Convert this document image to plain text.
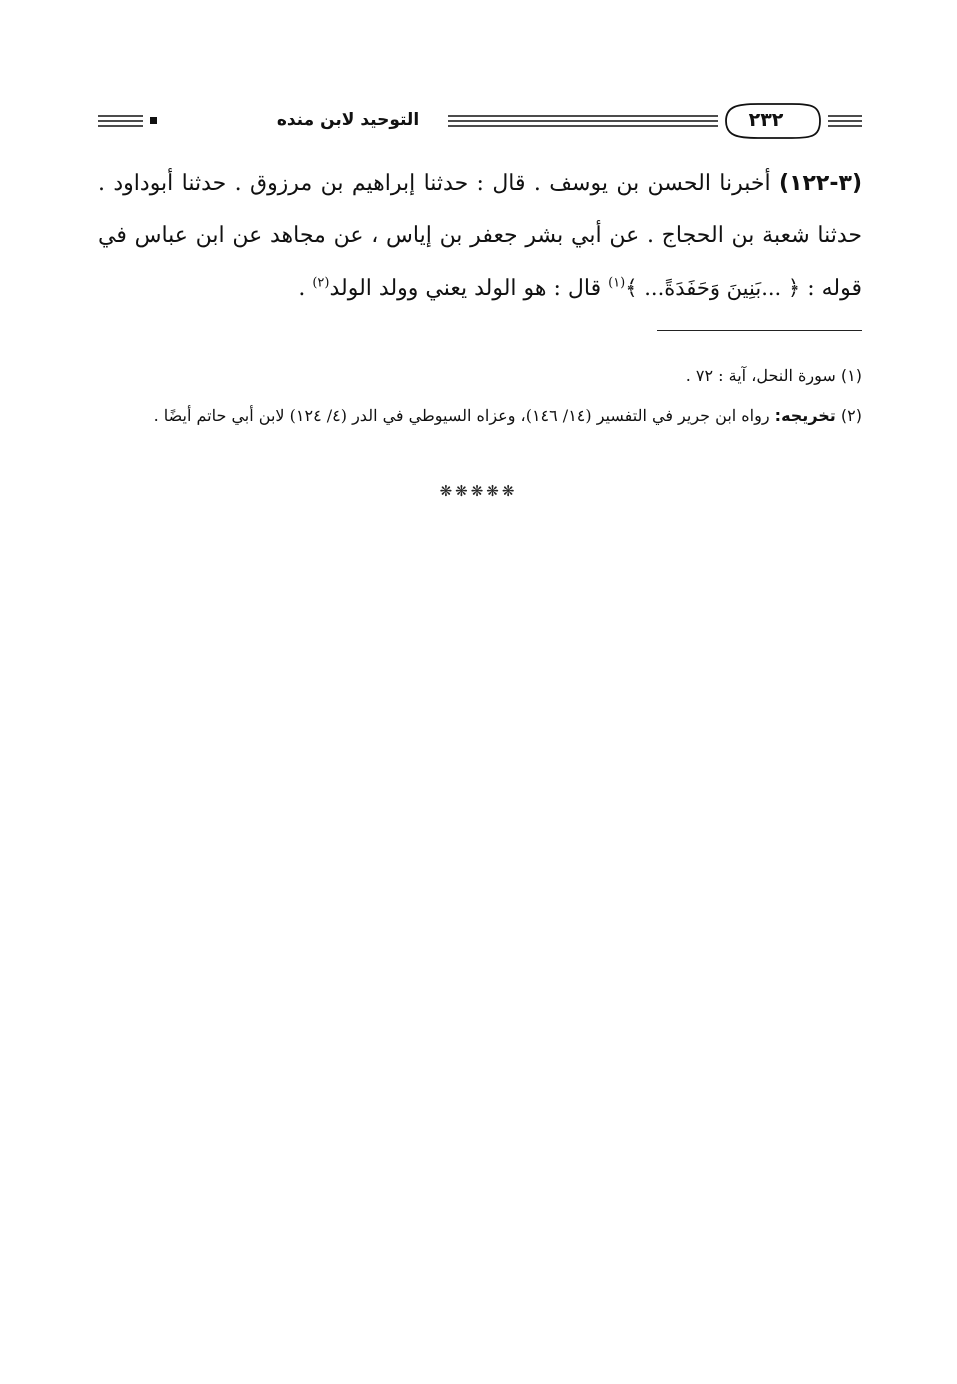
٢٣٢
التوحيد لابن منده

(٣-١٢٢) أخبرنا الحسن بن يوسف . قال : حدثنا إبراهيم بن مرزوق . حدثنا أبوداود . حدثنا شعبة بن الحجاج . عن أبي بشر جعفر بن إياس ، عن مجاهد عن ابن عباس في قوله : ﴿ ...بَنِينَ وَحَفَدَةً... ﴾$^{(١)}$ قال : هو الولد يعني وولد الولد$^{(٢)}$ .

(١) سورة النحل، آية : ٧٢ .

(٢) تخريجه: رواه ابن جرير في التفسير (١٤/ ١٤٦)، وعزاه السيوطي في الدر (٤/ ١٢٤) لابن أبي حاتم أيضًا .

❋❋❋❋❋
